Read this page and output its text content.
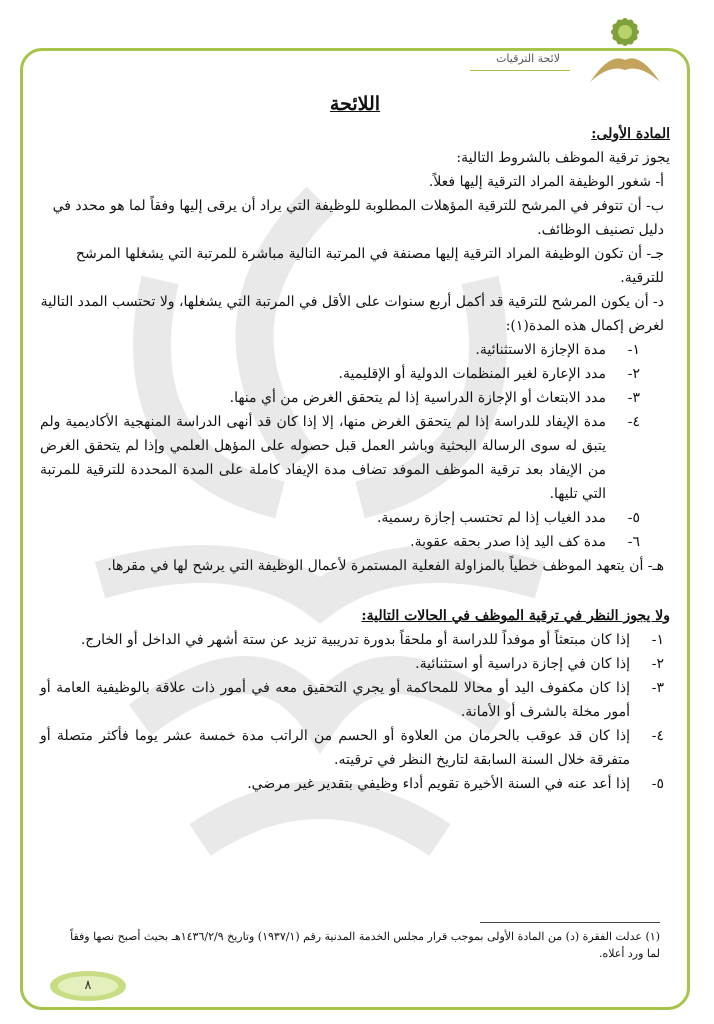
لائحة الترقيات

اللائحة

المادة الأولى:

يجوز ترقية الموظف بالشروط التالية:

أ- شغور الوظيفة المراد الترقية إليها فعلاً.

ب- أن تتوفر في المرشح للترقية المؤهلات المطلوبة للوظيفة التي يراد أن يرقى إليها وفقاً لما هو محدد في دليل تصنيف الوظائف.

جـ- أن تكون الوظيفة المراد الترقية إليها مصنفة في المرتبة التالية مباشرة للمرتبة التي يشغلها المرشح للترقية.

د- أن يكون المرشح للترقية قد أكمل أربع سنوات على الأقل في المرتبة التي يشغلها، ولا تحتسب المدد التالية لغرض إكمال هذه المدة(١):

١-
مدة الإجازة الاستثنائية.
٢-
مدد الإعارة لغير المنظمات الدولية أو الإقليمية.
٣-
مدد الابتعاث أو الإجازة الدراسية إذا لم يتحقق الغرض من أي منها.
٤-
مدة الإيفاد للدراسة إذا لم يتحقق الغرض منها، إلا إذا كان قد أنهى الدراسة المنهجية الأكاديمية ولم يتبق له سوى الرسالة البحثية وباشر العمل قبل حصوله على المؤهل العلمي وإذا لم يتحقق الغرض من الإيفاد بعد ترقية الموظف الموفد تضاف مدة الإيفاد كاملة على المدة المحددة للترقية للمرتبة التي تليها.
٥-
مدد الغياب إذا لم تحتسب إجازة رسمية.
٦-
مدة كف اليد إذا صدر بحقه عقوبة.

هـ- أن يتعهد الموظف خطياً بالمزاولة الفعلية المستمرة لأعمال الوظيفة التي يرشح لها في مقرها.

ولا يجوز النظر في ترقية الموظف في الحالات التالية:

١-
إذا كان مبتعثاً أو موفداً للدراسة أو ملحقاً بدورة تدريبية تزيد عن ستة أشهر في الداخل أو الخارج.
٢-
إذا كان في إجازة دراسية أو استثنائية.
٣-
إذا كان مكفوف اليد أو محالا للمحاكمة أو يجري التحقيق معه في أمور ذات علاقة بالوظيفية العامة أو أمور مخلة بالشرف أو الأمانة.
٤-
إذا كان قد عوقب بالحرمان من العلاوة أو الحسم من الراتب مدة خمسة عشر يوما فأكثر متصلة أو متفرقة خلال السنة السابقة لتاريخ النظر في ترقيته.
٥-
إذا أعد عنه في السنة الأخيرة تقويم أداء وظيفي بتقدير غير مرضي.
(١) عدلت الفقرة (د) من المادة الأولى بموجب قرار مجلس الخدمة المدنية رقم (١٩٣٧/١) وتاريخ ١٤٣٦/٢/٩هـ بحيث أصبح نصها وفقاً لما ورد أعلاه.
٨
